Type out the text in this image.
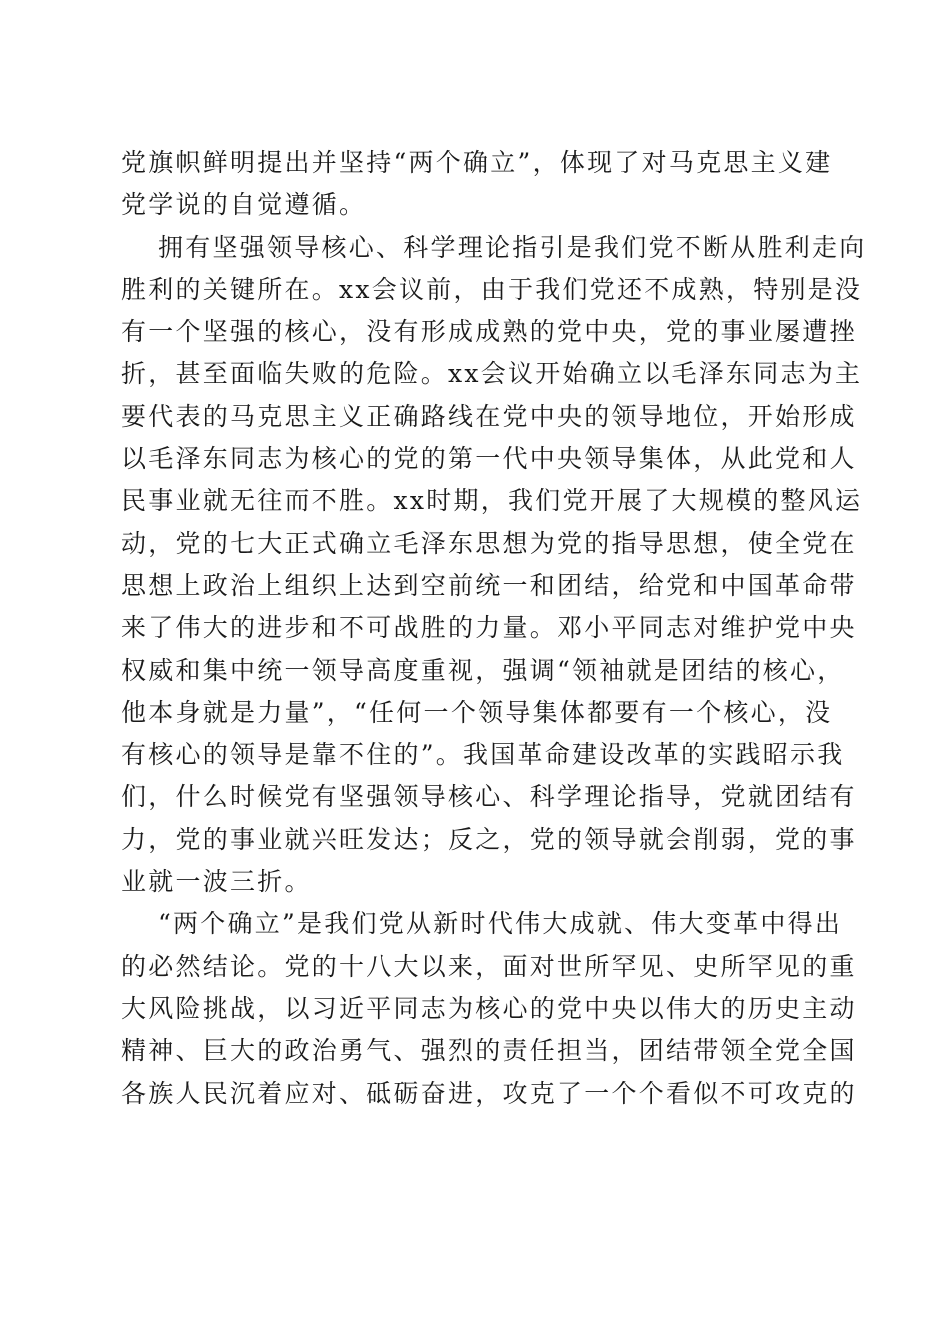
党旗帜鲜明提出并坚持“两个确立”，体现了对马克思主义建
党学说的自觉遵循。
拥有坚强领导核心、科学理论指引是我们党不断从胜利走向
胜利的关键所在。xx会议前，由于我们党还不成熟，特别是没
有一个坚强的核心，没有形成成熟的党中央，党的事业屡遭挫
折，甚至面临失败的危险。xx会议开始确立以毛泽东同志为主
要代表的马克思主义正确路线在党中央的领导地位，开始形成
以毛泽东同志为核心的党的第一代中央领导集体，从此党和人
民事业就无往而不胜。xx时期，我们党开展了大规模的整风运
动，党的七大正式确立毛泽东思想为党的指导思想，使全党在
思想上政治上组织上达到空前统一和团结，给党和中国革命带
来了伟大的进步和不可战胜的力量。邓小平同志对维护党中央
权威和集中统一领导高度重视，强调“领袖就是团结的核心，
他本身就是力量”，“任何一个领导集体都要有一个核心，没
有核心的领导是靠不住的”。我国革命建设改革的实践昭示我
们，什么时候党有坚强领导核心、科学理论指导，党就团结有
力，党的事业就兴旺发达；反之，党的领导就会削弱，党的事
业就一波三折。
“两个确立”是我们党从新时代伟大成就、伟大变革中得出
的必然结论。党的十八大以来，面对世所罕见、史所罕见的重
大风险挑战，以习近平同志为核心的党中央以伟大的历史主动
精神、巨大的政治勇气、强烈的责任担当，团结带领全党全国
各族人民沉着应对、砥砺奋进，攻克了一个个看似不可攻克的
